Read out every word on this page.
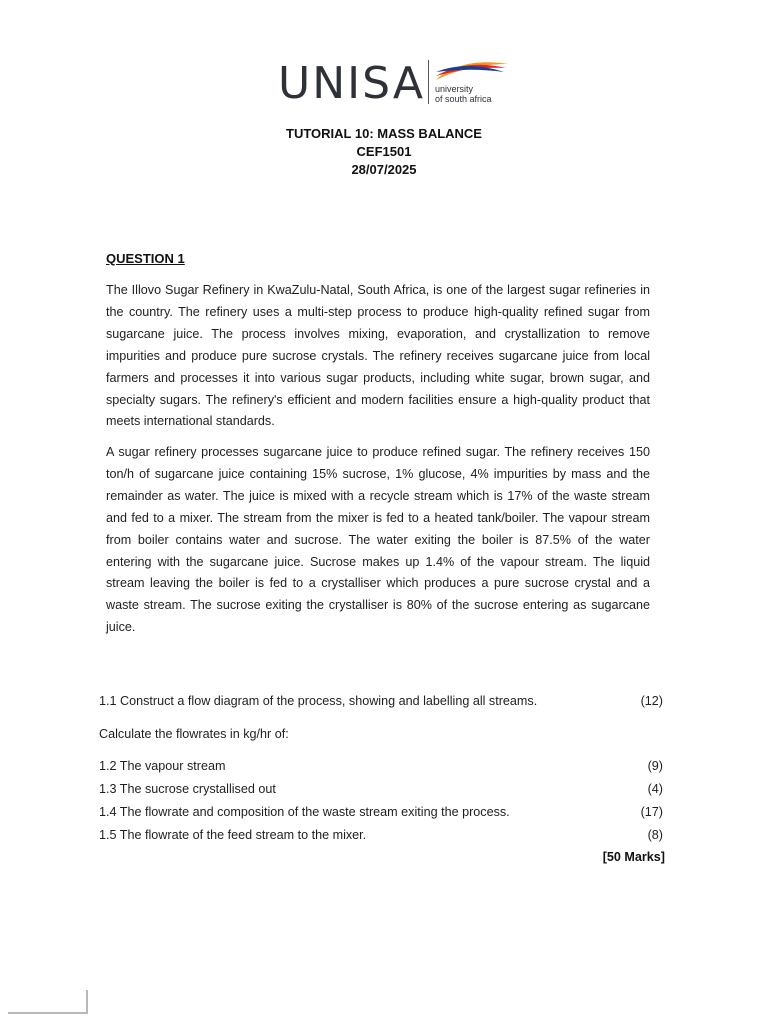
UNISA university
of south africa
TUTORIAL 10: MASS BALANCE
CEF1501
28/07/2025
QUESTION 1
The Illovo Sugar Refinery in KwaZulu-Natal, South Africa, is one of the largest sugar refineries in the country. The refinery uses a multi-step process to produce high-quality refined sugar from sugarcane juice. The process involves mixing, evaporation, and crystallization to remove impurities and produce pure sucrose crystals. The refinery receives sugarcane juice from local farmers and processes it into various sugar products, including white sugar, brown sugar, and specialty sugars. The refinery's efficient and modern facilities ensure a high-quality product that meets international standards.
A sugar refinery processes sugarcane juice to produce refined sugar. The refinery receives 150 ton/h of sugarcane juice containing 15% sucrose, 1% glucose, 4% impurities by mass and the remainder as water. The juice is mixed with a recycle stream which is 17% of the waste stream and fed to a mixer. The stream from the mixer is fed to a heated tank/boiler. The vapour stream from boiler contains water and sucrose. The water exiting the boiler is 87.5% of the water entering with the sugarcane juice. Sucrose makes up 1.4% of the vapour stream. The liquid stream leaving the boiler is fed to a crystalliser which produces a pure sucrose crystal and a waste stream. The sucrose exiting the crystalliser is 80% of the sucrose entering as sugarcane juice.
1.1 Construct a flow diagram of the process, showing and labelling all streams.	(12)
Calculate the flowrates in kg/hr of:
1.2 The vapour stream	(9)
1.3 The sucrose crystallised out	(4)
1.4 The flowrate and composition of the waste stream exiting the process.	(17)
1.5 The flowrate of the feed stream to the mixer.	(8)
[50 Marks]
